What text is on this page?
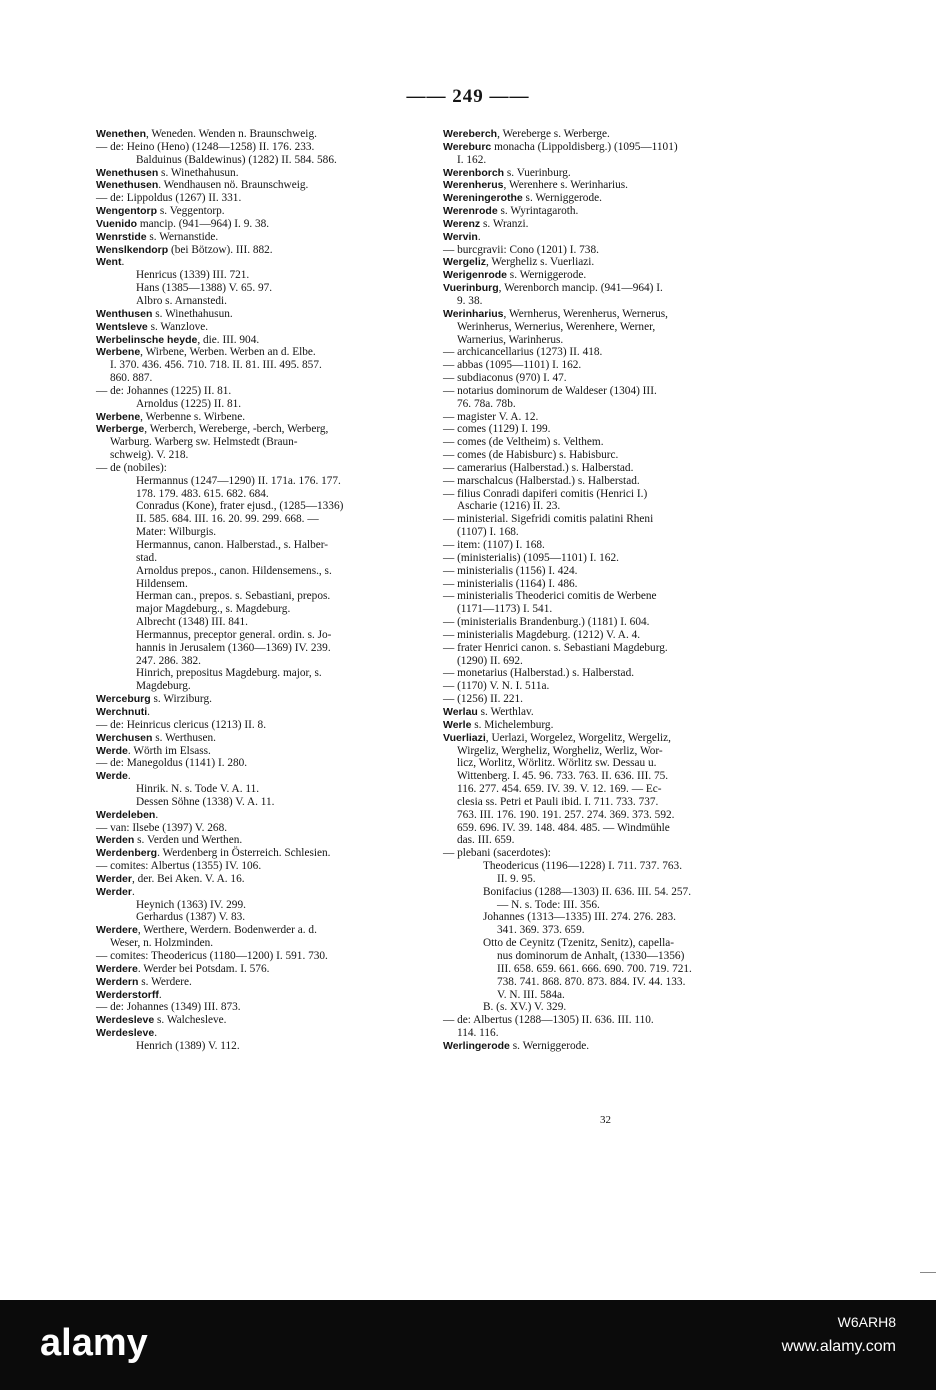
—— 249 ——
Wenethen, Weneden. Wenden n. Braunschweig.
— de: Heino (Heno) (1248—1258) II. 176. 233.
Balduinus (Baldewinus) (1282) II. 584. 586.
Wenethusen s. Winethahusun.
Wenethusen. Wendhausen nö. Braunschweig.
— de: Lippoldus (1267) II. 331.
Wengentorp s. Veggentorp.
Vuenido mancip. (941—964) I. 9. 38.
Wenrstide s. Wernanstide.
Wenslkendorp (bei Bötzow). III. 882.
Went.
Henricus (1339) III. 721.
Hans (1385—1388) V. 65. 97.
Albro s. Arnanstedi.
Wenthusen s. Winethahusun.
Wentsleve s. Wanzlove.
Werbelinsche heyde, die. III. 904.
Werbene, Wirbene, Werben. Werben an d. Elbe.
I. 370. 436. 456. 710. 718. II. 81. III. 495. 857.
860. 887.
— de: Johannes (1225) II. 81.
Arnoldus (1225) II. 81.
Werbene, Werbenne s. Wirbene.
Werberge, Werberch, Wereberge, -berch, Werberg,
Warburg. Warberg sw. Helmstedt (Braun-
schweig). V. 218.
— de (nobiles):
Hermannus (1247—1290) II. 171a. 176. 177.
178. 179. 483. 615. 682. 684.
Conradus (Kone), frater ejusd., (1285—1336)
II. 585. 684. III. 16. 20. 99. 299. 668. —
Mater: Wilburgis.
Hermannus, canon. Halberstad., s. Halber-
stad.
Arnoldus prepos., canon. Hildensemens., s.
Hildensem.
Herman can., prepos. s. Sebastiani, prepos.
major Magdeburg., s. Magdeburg.
Albrecht (1348) III. 841.
Hermannus, preceptor general. ordin. s. Jo-
hannis in Jerusalem (1360—1369) IV. 239.
247. 286. 382.
Hinrich, prepositus Magdeburg. major, s.
Magdeburg.
Werceburg s. Wirziburg.
Werchnuti.
— de: Heinricus clericus (1213) II. 8.
Werchusen s. Werthusen.
Werde. Wörth im Elsass.
— de: Manegoldus (1141) I. 280.
Werde.
Hinrik. N. s. Tode V. A. 11.
Dessen Söhne (1338) V. A. 11.
Werdeleben.
— van: Ilsebe (1397) V. 268.
Werden s. Verden und Werthen.
Werdenberg. Werdenberg in Österreich. Schlesien.
— comites: Albertus (1355) IV. 106.
Werder, der. Bei Aken. V. A. 16.
Werder.
Heynich (1363) IV. 299.
Gerhardus (1387) V. 83.
Werdere, Werthere, Werdern. Bodenwerder a. d.
Weser, n. Holzminden.
— comites: Theodericus (1180—1200) I. 591. 730.
Werdere. Werder bei Potsdam. I. 576.
Werdern s. Werdere.
Werderstorff.
— de: Johannes (1349) III. 873.
Werdesleve s. Walchesleve.
Werdesleve.
Henrich (1389) V. 112.
Wereberch, Wereberge s. Werberge.
Wereburc monacha (Lippoldisberg.) (1095—1101)
I. 162.
Werenborch s. Vuerinburg.
Werenherus, Werenhere s. Werinharius.
Wereningerothe s. Werniggerode.
Werenrode s. Wyrintagaroth.
Werenz s. Wranzi.
Wervin.
— burcgravii: Cono (1201) I. 738.
Wergeliz, Wergheliz s. Vuerliazi.
Werigenrode s. Werniggerode.
Vuerinburg, Werenborch mancip. (941—964) I.
9. 38.
Werinharius, Wernherus, Werenherus, Wernerus,
Werinherus, Wernerius, Werenhere, Werner,
Warnerius, Warinherus.
— archicancellarius (1273) II. 418.
— abbas (1095—1101) I. 162.
— subdiaconus (970) I. 47.
— notarius dominorum de Waldeser (1304) III.
76. 78a. 78b.
— magister V. A. 12.
— comes (1129) I. 199.
— comes (de Veltheim) s. Velthem.
— comes (de Habisburc) s. Habisburc.
— camerarius (Halberstad.) s. Halberstad.
— marschalcus (Halberstad.) s. Halberstad.
— filius Conradi dapiferi comitis (Henrici I.)
Ascharie (1216) II. 23.
— ministerial. Sigefridi comitis palatini Rheni
(1107) I. 168.
— item: (1107) I. 168.
— (ministerialis) (1095—1101) I. 162.
— ministerialis (1156) I. 424.
— ministerialis (1164) I. 486.
— ministerialis Theoderici comitis de Werbene
(1171—1173) I. 541.
— (ministerialis Brandenburg.) (1181) I. 604.
— ministerialis Magdeburg. (1212) V. A. 4.
— frater Henrici canon. s. Sebastiani Magdeburg.
(1290) II. 692.
— monetarius (Halberstad.) s. Halberstad.
— (1170) V. N. I. 511a.
— (1256) II. 221.
Werlau s. Werthlav.
Werle s. Michelemburg.
Vuerliazi, Uerlazi, Worgelez, Worgelitz, Wergeliz,
Wirgeliz, Wergheliz, Worgheliz, Werliz, Wor-
licz, Worlitz, Wörlitz. Wörlitz sw. Dessau u.
Wittenberg. I. 45. 96. 733. 763. II. 636. III. 75.
116. 277. 454. 659. IV. 39. V. 12. 169. — Ec-
clesia ss. Petri et Pauli ibid. I. 711. 733. 737.
763. III. 176. 190. 191. 257. 274. 369. 373. 592.
659. 696. IV. 39. 148. 484. 485. — Windmühle
das. III. 659.
— plebani (sacerdotes):
Theodericus (1196—1228) I. 711. 737. 763.
II. 9. 95.
Bonifacius (1288—1303) II. 636. III. 54. 257.
— N. s. Tode: III. 356.
Johannes (1313—1335) III. 274. 276. 283.
341. 369. 373. 659.
Otto de Ceynitz (Tzenitz, Senitz), capella-
nus dominorum de Anhalt, (1330—1356)
III. 658. 659. 661. 666. 690. 700. 719. 721.
738. 741. 868. 870. 873. 884. IV. 44. 133.
V. N. III. 584a.
B. (s. XV.) V. 329.
— de: Albertus (1288—1305) II. 636. III. 110.
114. 116.
Werlingerode s. Werniggerode.
32
alamy	W6ARH8
www.alamy.com
